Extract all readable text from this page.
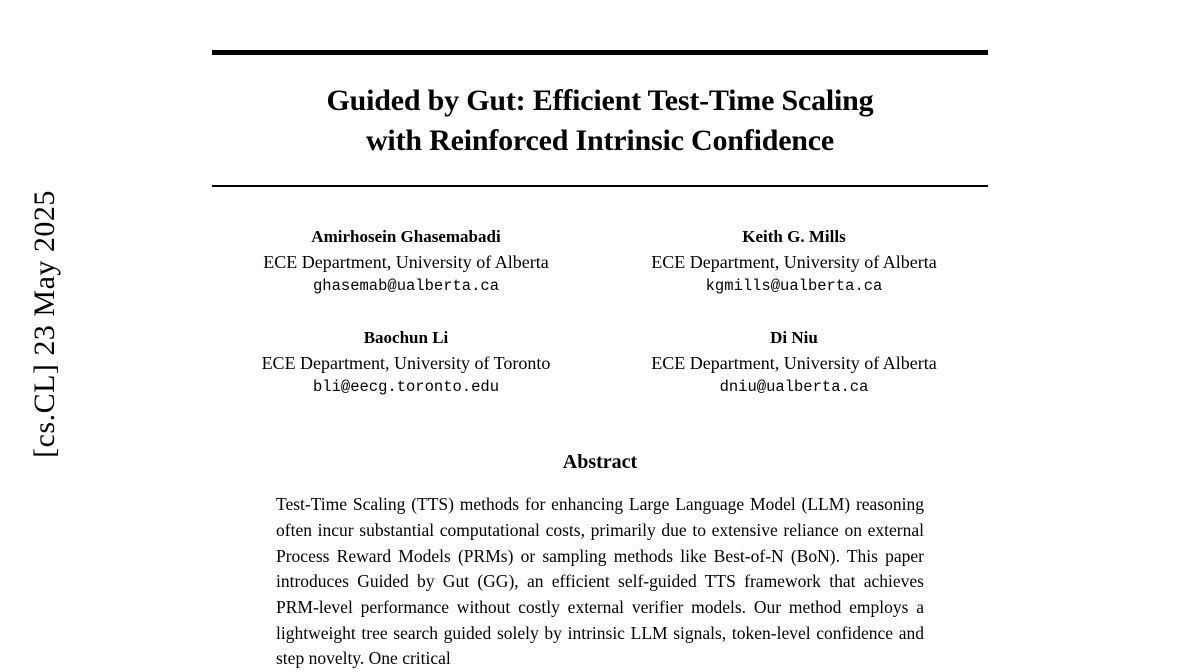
[cs.CL] 23 May 2025
Guided by Gut: Efficient Test-Time Scaling
with Reinforced Intrinsic Confidence
Amirhosein Ghasemabadi
ECE Department, University of Alberta
ghasemab@ualberta.ca
Keith G. Mills
ECE Department, University of Alberta
kgmills@ualberta.ca
Baochun Li
ECE Department, University of Toronto
bli@eecg.toronto.edu
Di Niu
ECE Department, University of Alberta
dniu@ualberta.ca
Abstract

Test-Time Scaling (TTS) methods for enhancing Large Language Model (LLM) reasoning often incur substantial computational costs, primarily due to extensive reliance on external Process Reward Models (PRMs) or sampling methods like Best-of-N (BoN). This paper introduces Guided by Gut (GG), an efficient self-guided TTS framework that achieves PRM-level performance without costly external verifier models. Our method employs a lightweight tree search guided solely by intrinsic LLM signals, token-level confidence and step novelty. One critical
